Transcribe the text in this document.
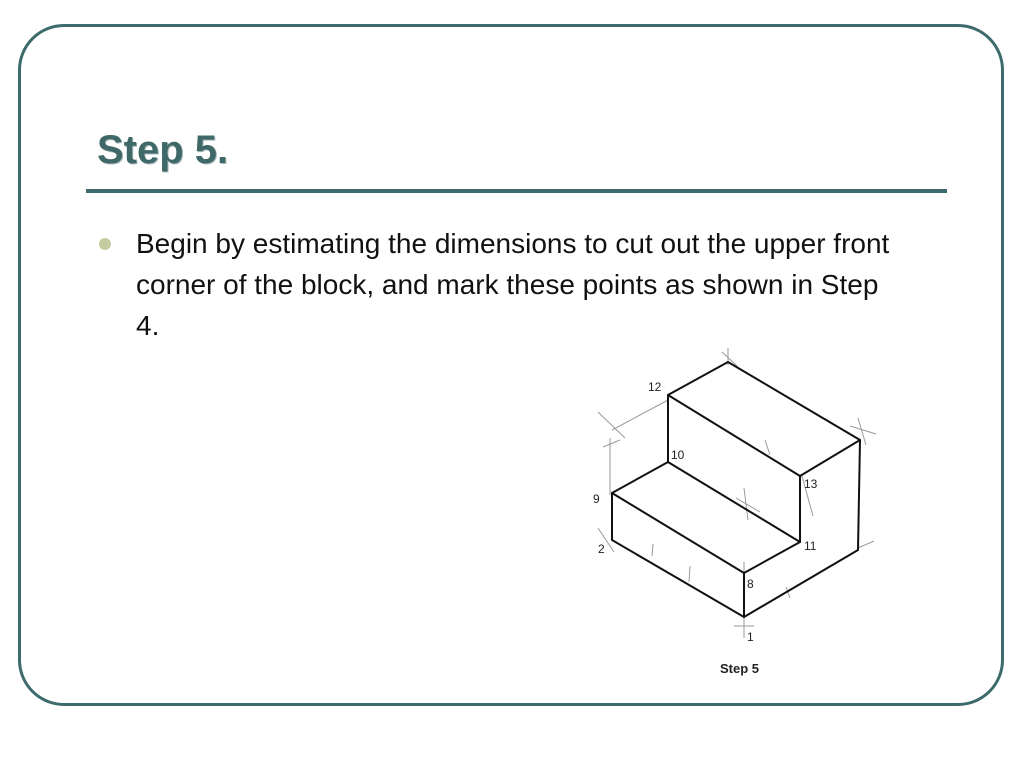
Step 5.

Begin by estimating the dimensions to cut out the upper front corner of the block, and mark these points as shown in Step 4.

12
10
9
13
11
2
8
1
Step 5
